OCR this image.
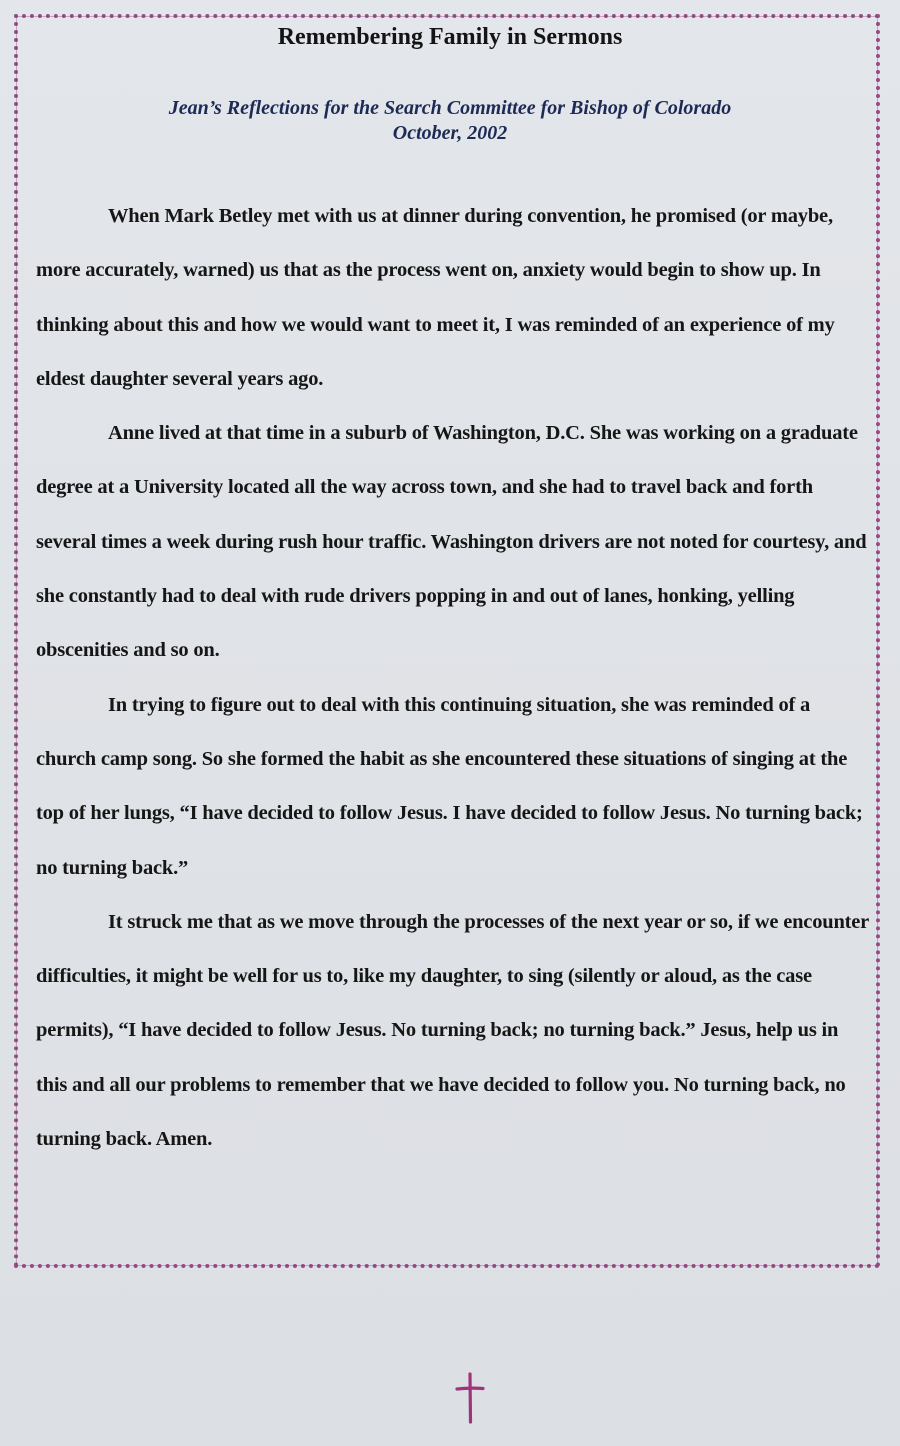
Remembering Family in Sermons
Jean’s Reflections for the Search Committee for Bishop of Colorado
October, 2002

When Mark Betley met with us at dinner during convention, he promised (or maybe, more accurately, warned) us that as the process went on, anxiety would begin to show up. In thinking about this and how we would want to meet it, I was reminded of an experience of my eldest daughter several years ago.

Anne lived at that time in a suburb of Washington, D.C. She was working on a graduate degree at a University located all the way across town, and she had to travel back and forth several times a week during rush hour traffic. Washington drivers are not noted for courtesy, and she constantly had to deal with rude drivers popping in and out of lanes, honking, yelling obscenities and so on.

In trying to figure out to deal with this continuing situation, she was reminded of a church camp song. So she formed the habit as she encountered these situations of singing at the top of her lungs, “I have decided to follow Jesus. I have decided to follow Jesus. No turning back; no turning back.”

It struck me that as we move through the processes of the next year or so, if we encounter difficulties, it might be well for us to, like my daughter, to sing (silently or aloud, as the case permits), “I have decided to follow Jesus. No turning back; no turning back.” Jesus, help us in this and all our problems to remember that we have decided to follow you. No turning back, no turning back. Amen.
